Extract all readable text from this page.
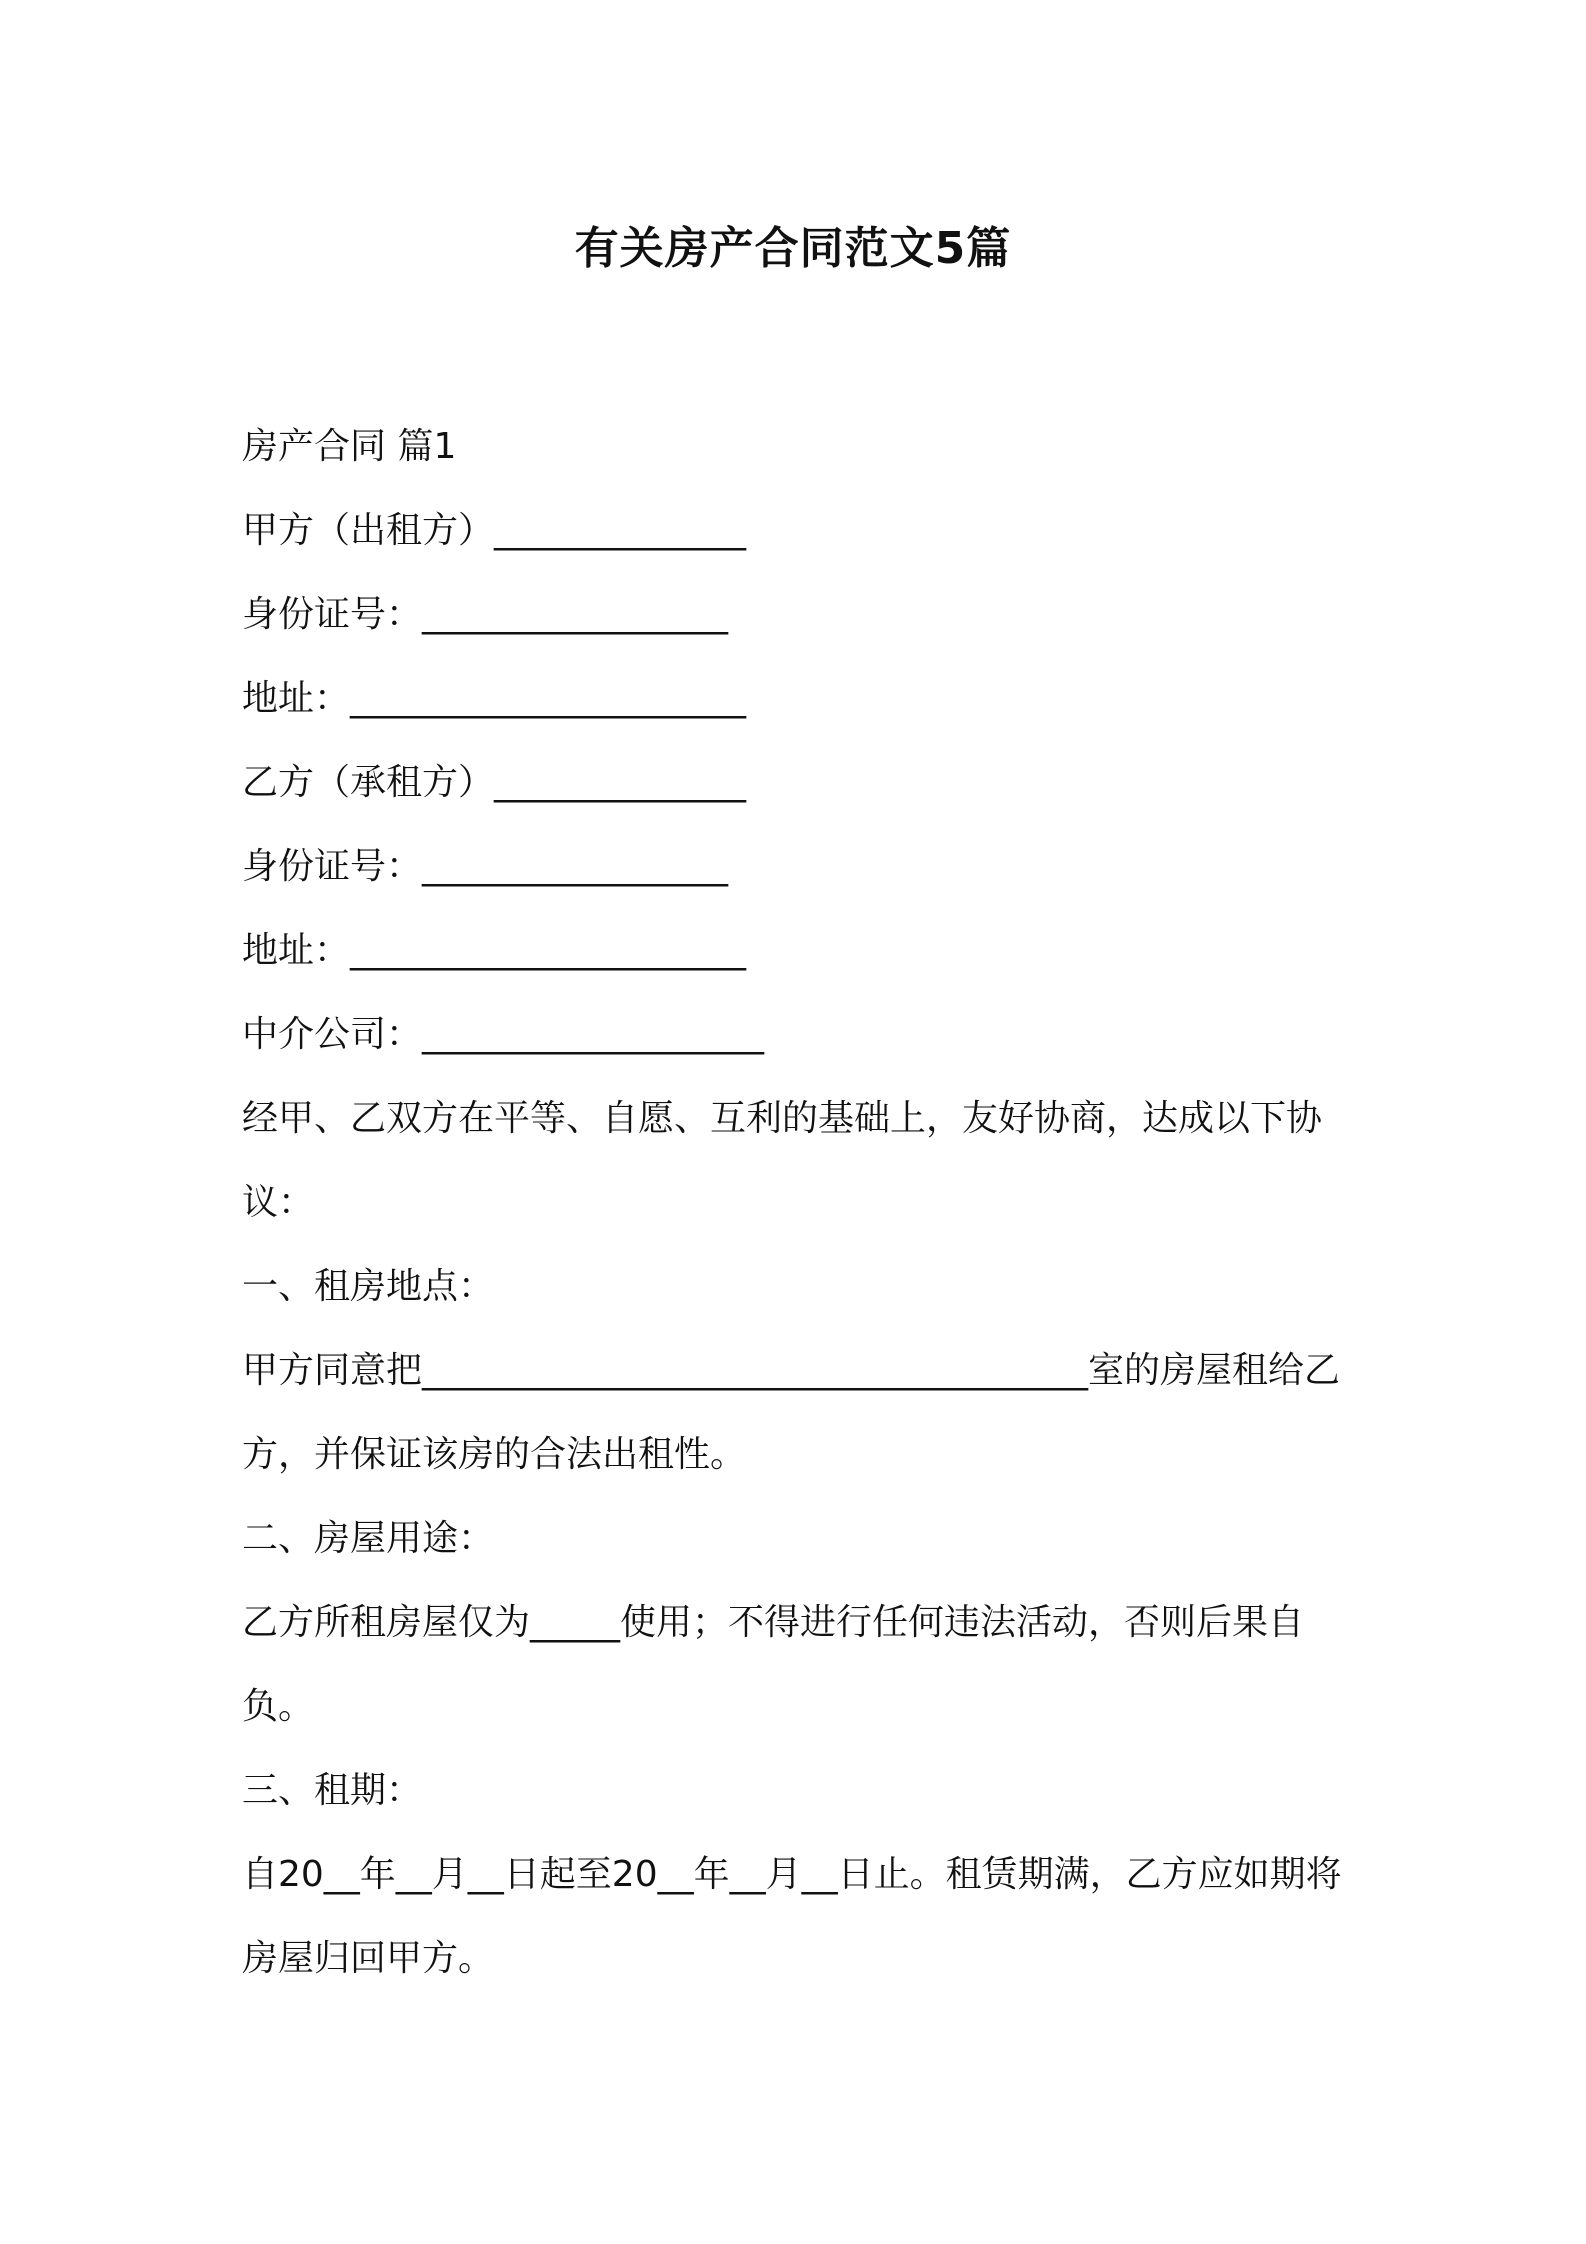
有关房产合同范文5篇

房产合同 篇1

甲方（出租方）______________

身份证号：_________________

地址：______________________

乙方（承租方）______________

身份证号：_________________

地址：______________________

中介公司：___________________

经甲、乙双方在平等、自愿、互利的基础上，友好协商，达成以下协议：

一、租房地点：

甲方同意把_____________________________________室的房屋租给乙方，并保证该房的合法出租性。

二、房屋用途：

乙方所租房屋仅为_____使用；不得进行任何违法活动，否则后果自负。

三、租期：

自20__年__月__日起至20__年__月__日止。租赁期满，乙方应如期将房屋归回甲方。
